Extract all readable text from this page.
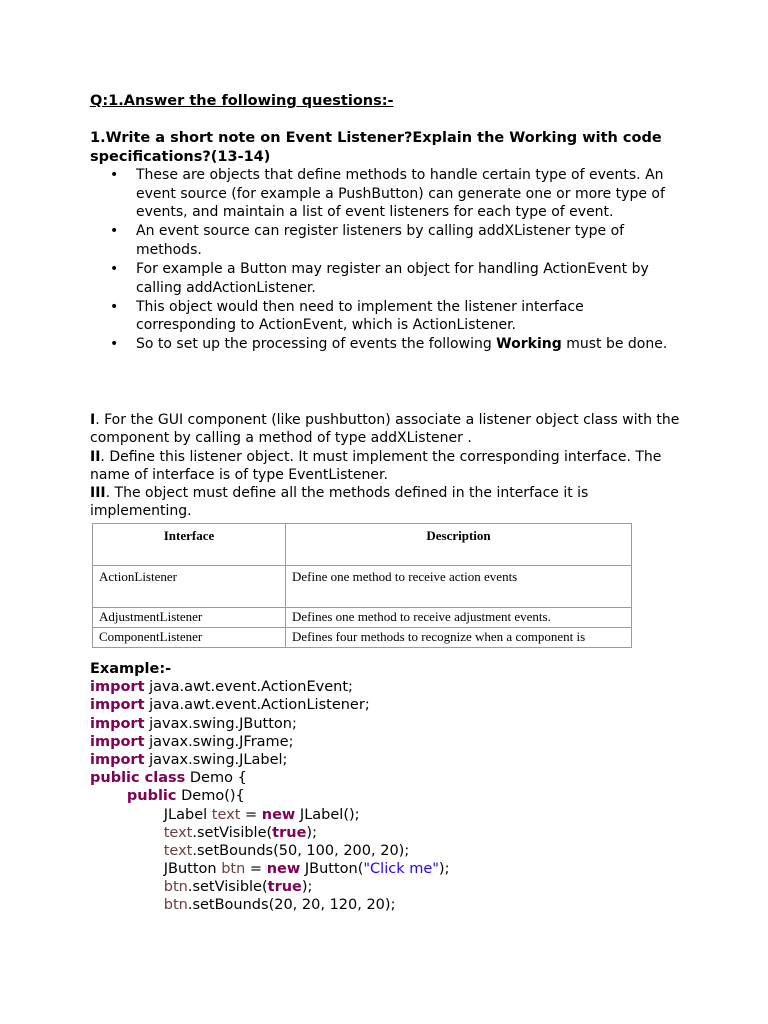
Q:1.Answer the following questions:-
1.Write a short note on Event Listener?Explain the Working with code specifications?(13-14)
• These are objects that define methods to handle certain type of events. An event source (for example a PushButton) can generate one or more type of events, and maintain a list of event listeners for each type of event.
• An event source can register listeners by calling addXListener type of methods.
• For example a Button may register an object for handling ActionEvent by calling addActionListener.
• This object would then need to implement the listener interface corresponding to ActionEvent, which is ActionListener.
• So to set up the processing of events the following Working must be done.

I. For the GUI component (like pushbutton) associate a listener object class with the component by calling a method of type addXListener .

II. Define this listener object. It must implement the corresponding interface. The name of interface is of type EventListener.

III. The object must define all the methods defined in the interface it is implementing.

Interface	Description
ActionListener	Define one method to receive action events
AdjustmentListener	Defines one method to receive adjustment events.
ComponentListener	Defines four methods to recognize when a component is
Example:-
import java.awt.event.ActionEvent;
import java.awt.event.ActionListener;
import javax.swing.JButton;
import javax.swing.JFrame;
import javax.swing.JLabel;
public class Demo {
public Demo(){
JLabel text = new JLabel();
text.setVisible(true);
text.setBounds(50, 100, 200, 20);
JButton btn = new JButton("Click me");
btn.setVisible(true);
btn.setBounds(20, 20, 120, 20);
